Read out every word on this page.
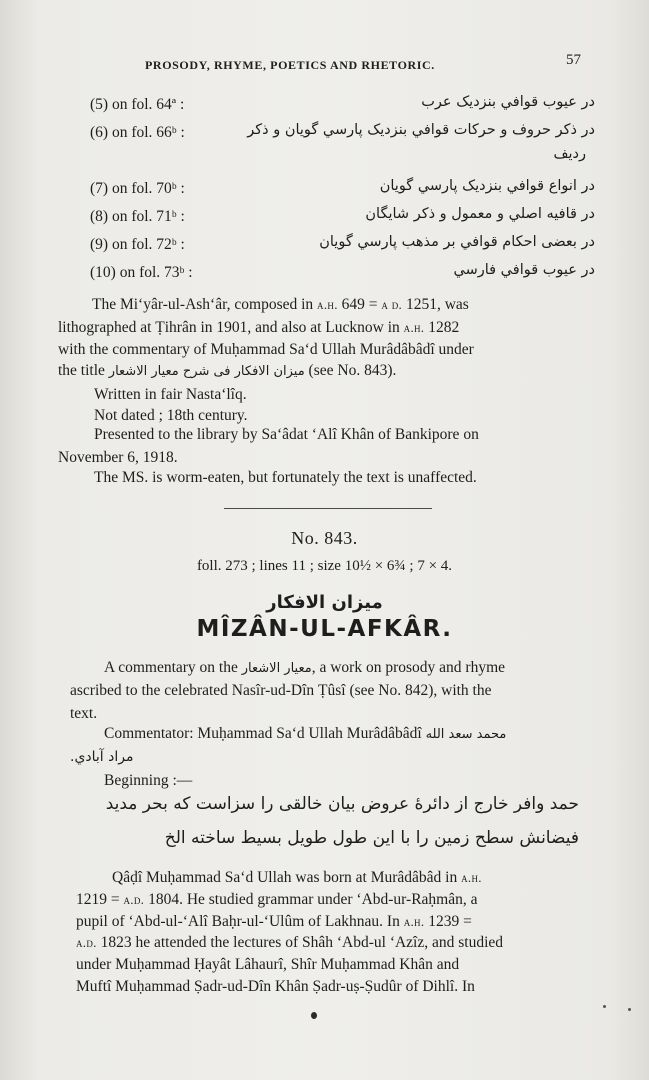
PROSODY, RHYME, POETICS AND RHETORIC.	57
(5) on fol. 64ª :	در عیوب قوافي بنزدیک عرب
(6) on fol. 66ᵇ :	در ذکر حروف و حرکات قوافي بنزدیک پارسي گویان و ذکر
ردیف
(7) on fol. 70ᵇ :	در انواع قوافي بنزدیک پارسي گویان
(8) on fol. 71ᵇ :	در قافیه اصلي و معمول و ذکر شایگان
(9) on fol. 72ᵇ :	در بعضی احکام قوافي بر مذهب پارسي گویان
(10) on fol. 73ᵇ :	در عیوب قوافي فارسي
The Mi‘yâr-ul-Ash‘âr, composed in a.h. 649 = a d. 1251, was
lithographed at Ṭihrân in 1901, and also at Lucknow in a.h. 1282
with the commentary of Muḥammad Sa‘d Ullah Murâdâbâdî under
the title میزان الافکار فی شرح معیار الاشعار (see No. 843).
Written in fair Nasta‘lîq.
Not dated ; 18th century.
Presented to the library by Sa‘âdat ‘Alî Khân of Bankipore on
November 6, 1918.
The MS. is worm-eaten, but fortunately the text is unaffected.
No. 843.
foll. 273 ; lines 11 ; size 10½ × 6¾ ; 7 × 4.
میزان الافکار
MÎZÂN-UL-AFKÂR.
A commentary on the معیار الاشعار, a work on prosody and rhyme
ascribed to the celebrated Nasîr-ud-Dîn Ṭûsî (see No. 842), with the
text.
Commentator: Muḥammad Sa‘d Ullah Murâdâbâdî محمد سعد الله
مراد آبادي.
Beginning :—
حمد وافر خارج از دائرهٔ عروض بیان خالقی را سزاست که بحر مدید
فیضانش سطح زمین را با این طول طویل بسیط ساخته الخ
Qâḍî Muḥammad Sa‘d Ullah was born at Murâdâbâd in a.h.
1219 = a.d. 1804. He studied grammar under ‘Abd-ur-Raḥmân, a
pupil of ‘Abd-ul-‘Alî Baḥr-ul-‘Ulûm of Lakhnau. In a.h. 1239 =
a.d. 1823 he attended the lectures of Shâh ‘Abd-ul ‘Azîz, and studied
under Muḥammad Ḥayât Lâhaurî, Shîr Muḥammad Khân and
Muftî Muḥammad Ṣadr-ud-Dîn Khân Ṣadr-uṣ-Ṣudûr of Dihlî. In
